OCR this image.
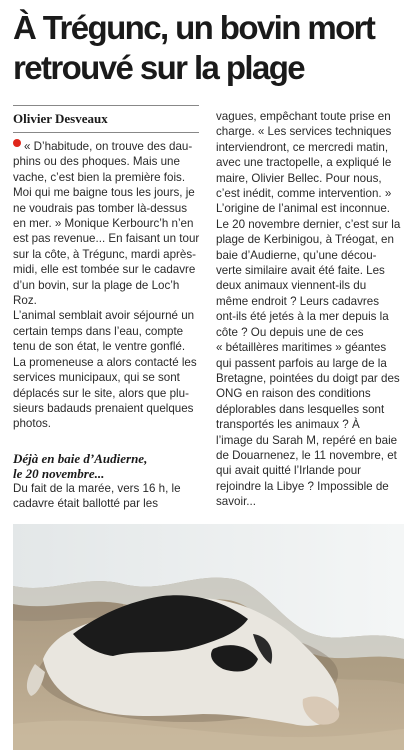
À Trégunc, un bovin mort
retrouvé sur la plage
Olivier Desveaux
« D’habitude, on trouve des dau-
phins ou des phoques. Mais une
vache, c’est bien la première fois.
Moi qui me baigne tous les jours, je
ne voudrais pas tomber là-dessus
en mer. » Monique Kerbourc’h n’en
est pas revenue... En faisant un tour
sur la côte, à Trégunc, mardi après-
midi, elle est tombée sur le cadavre
d’un bovin, sur la plage de Loc’h
Roz.
L’animal semblait avoir séjourné un
certain temps dans l’eau, compte
tenu de son état, le ventre gonflé.
La promeneuse a alors contacté les
services municipaux, qui se sont
déplacés sur le site, alors que plu-
sieurs badauds prenaient quelques
photos.
Déjà en baie d’Audierne,
le 20 novembre...
Du fait de la marée, vers 16 h, le
cadavre était ballotté par les
vagues, empêchant toute prise en
charge. « Les services techniques
interviendront, ce mercredi matin,
avec une tractopelle, a expliqué le
maire, Olivier Bellec. Pour nous,
c’est inédit, comme intervention. »
L’origine de l’animal est inconnue.
Le 20 novembre dernier, c’est sur la
plage de Kerbinigou, à Tréogat, en
baie d’Audierne, qu’une décou-
verte similaire avait été faite. Les
deux animaux viennent-ils du
même endroit ? Leurs cadavres
ont-ils été jetés à la mer depuis la
côte ? Ou depuis une de ces
« bétaillères maritimes » géantes
qui passent parfois au large de la
Bretagne, pointées du doigt par des
ONG en raison des conditions
déplorables dans lesquelles sont
transportés les animaux ? À
l’image du Sarah M, repéré en baie
de Douarnenez, le 11 novembre, et
qui avait quitté l’Irlande pour
rejoindre la Libye ? Impossible de
savoir...
